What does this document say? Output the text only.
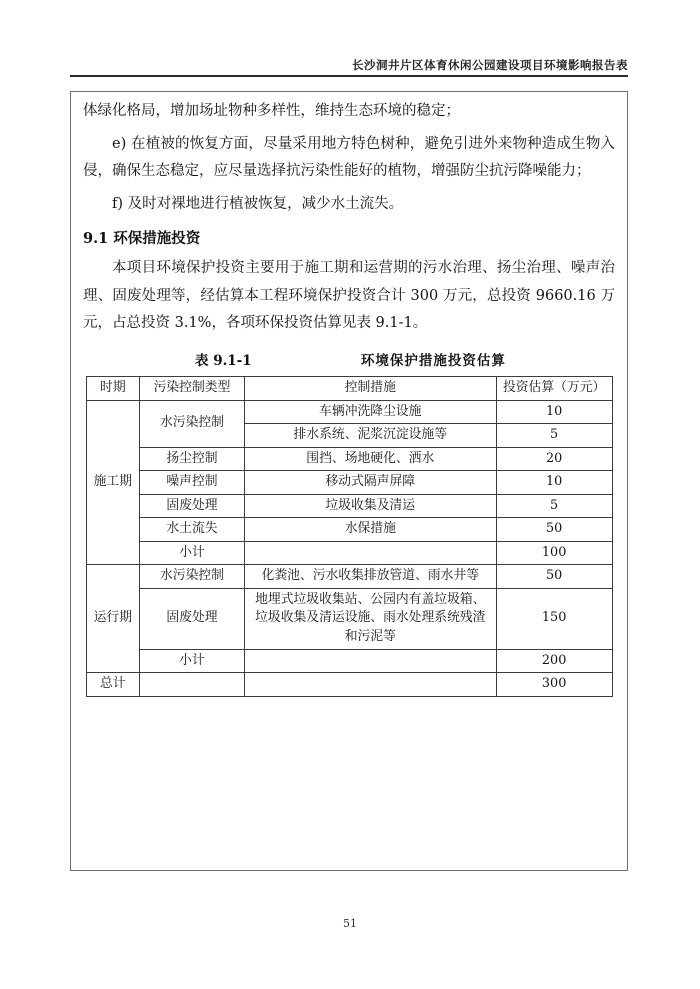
长沙洞井片区体育休闲公园建设项目环境影响报告表

体绿化格局，增加场址物种多样性，维持生态环境的稳定；

e) 在植被的恢复方面，尽量采用地方特色树种，避免引进外来物种造成生物入侵，确保生态稳定，应尽量选择抗污染性能好的植物，增强防尘抗污降噪能力；

f) 及时对裸地进行植被恢复，减少水土流失。

9.1 环保措施投资

本项目环境保护投资主要用于施工期和运营期的污水治理、扬尘治理、噪声治理、固废处理等，经估算本工程环境保护投资合计 300 万元，总投资 9660.16 万元，占总投资 3.1%，各项环保投资估算见表 9.1-1。

表 9.1-1	环境保护措施投资估算
时期	污染控制类型	控制措施	投资估算（万元）
施工期	水污染控制	车辆冲洗降尘设施	10
		排水系统、泥浆沉淀设施等	5
	扬尘控制	围挡、场地硬化、洒水	20
	噪声控制	移动式隔声屏障	10
	固废处理	垃圾收集及清运	5
	水土流失	水保措施	50
	小计		100
运行期	水污染控制	化粪池、污水收集排放管道、雨水井等	50
	固废处理	地埋式垃圾收集站、公园内有盖垃圾箱、垃圾收集及清运设施、雨水处理系统残渣和污泥等	150
	小计		200
总计			300
51
